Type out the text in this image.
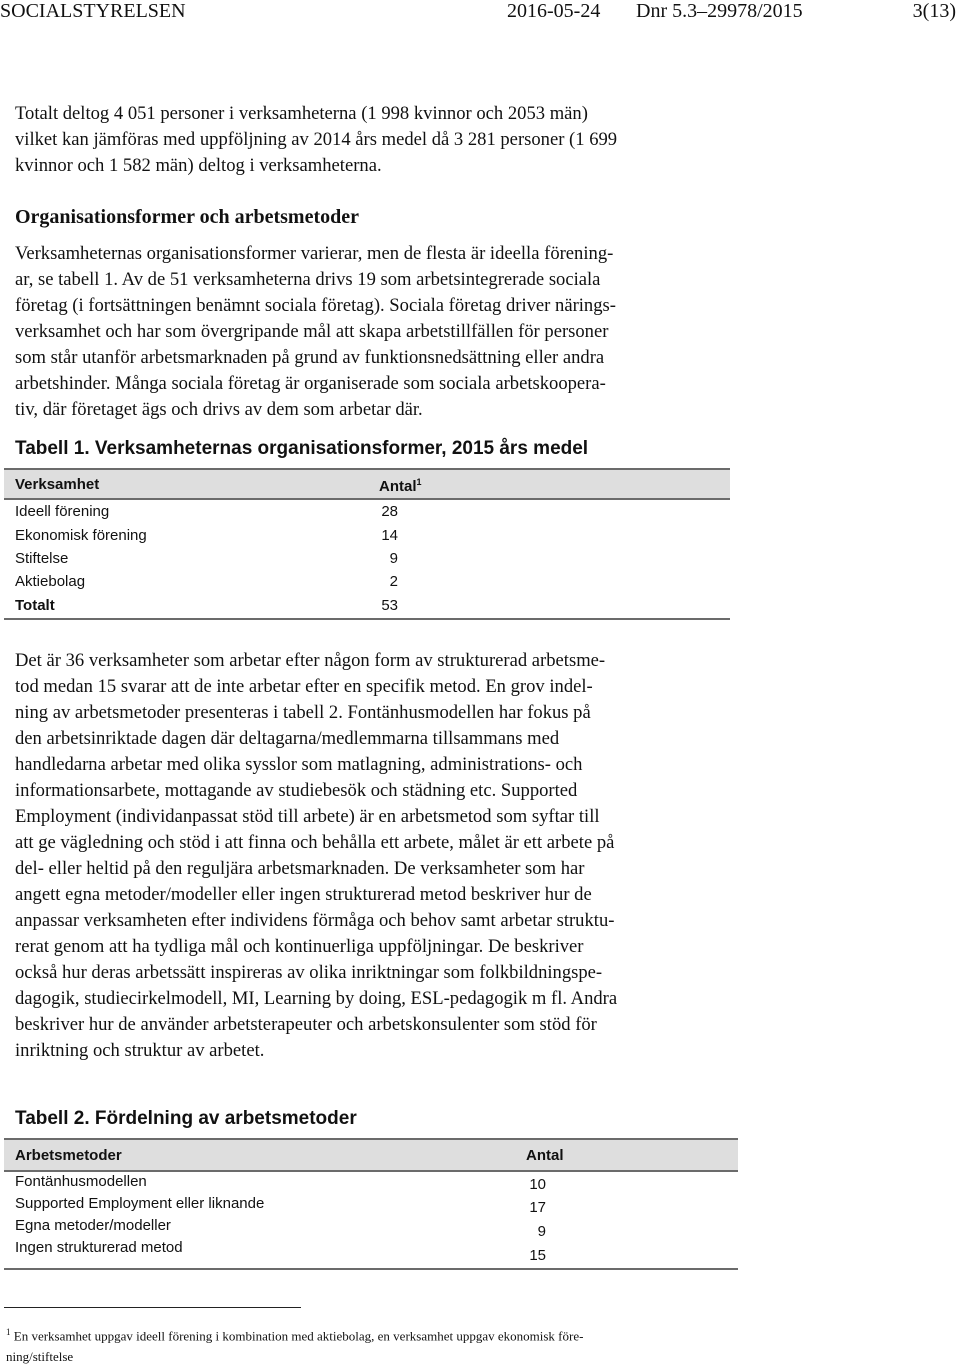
SOCIALSTYRELSEN	2016-05-24 Dnr 5.3–29978/2015	3(13)

Totalt deltog 4 051 personer i verksamheterna (1 998 kvinnor och 2053 män)
vilket kan jämföras med uppföljning av 2014 års medel då 3 281 personer (1 699
kvinnor och 1 582 män) deltog i verksamheterna.

Organisationsformer och arbetsmetoder

Verksamheternas organisationsformer varierar, men de flesta är ideella förening-
ar, se tabell 1. Av de 51 verksamheterna drivs 19 som arbetsintegrerade sociala
företag (i fortsättningen benämnt sociala företag). Sociala företag driver närings-
verksamhet och har som övergripande mål att skapa arbetstillfällen för personer
som står utanför arbetsmarknaden på grund av funktionsnedsättning eller andra
arbetshinder. Många sociala företag är organiserade som sociala arbetskoopera-
tiv, där företaget ägs och drivs av dem som arbetar där.

Tabell 1. Verksamheternas organisationsformer, 2015 års medel
Verksamhet	Antal$^1$
Ideell förening	28
Ekonomisk förening	14
Stiftelse	9
Aktiebolag	2
Totalt	53

Det är 36 verksamheter som arbetar efter någon form av strukturerad arbetsme-
tod medan 15 svarar att de inte arbetar efter en specifik metod. En grov indel-
ning av arbetsmetoder presenteras i tabell 2. Fontänhusmodellen har fokus på
den arbetsinriktade dagen där deltagarna/medlemmarna tillsammans med
handledarna arbetar med olika sysslor som matlagning, administrations- och
informationsarbete, mottagande av studiebesök och städning etc. Supported
Employment (individanpassat stöd till arbete) är en arbetsmetod som syftar till
att ge vägledning och stöd i att finna och behålla ett arbete, målet är ett arbete på
del- eller heltid på den reguljära arbetsmarknaden. De verksamheter som har
angett egna metoder/modeller eller ingen strukturerad metod beskriver hur de
anpassar verksamheten efter individens förmåga och behov samt arbetar struktu-
rerat genom att ha tydliga mål och kontinuerliga uppföljningar. De beskriver
också hur deras arbetssätt inspireras av olika inriktningar som folkbildningspe-
dagogik, studiecirkelmodell, MI, Learning by doing, ESL-pedagogik m fl. Andra
beskriver hur de använder arbetsterapeuter och arbetskonsulenter som stöd för
inriktning och struktur av arbetet.

Tabell 2. Fördelning av arbetsmetoder
Arbetsmetoder	Antal
Fontänhusmodellen	10
Supported Employment eller liknande	17
Egna metoder/modeller	9
Ingen strukturerad metod	15

$^1$ En verksamhet uppgav ideell förening i kombination med aktiebolag, en verksamhet uppgav ekonomisk före-
ning/stiftelse
